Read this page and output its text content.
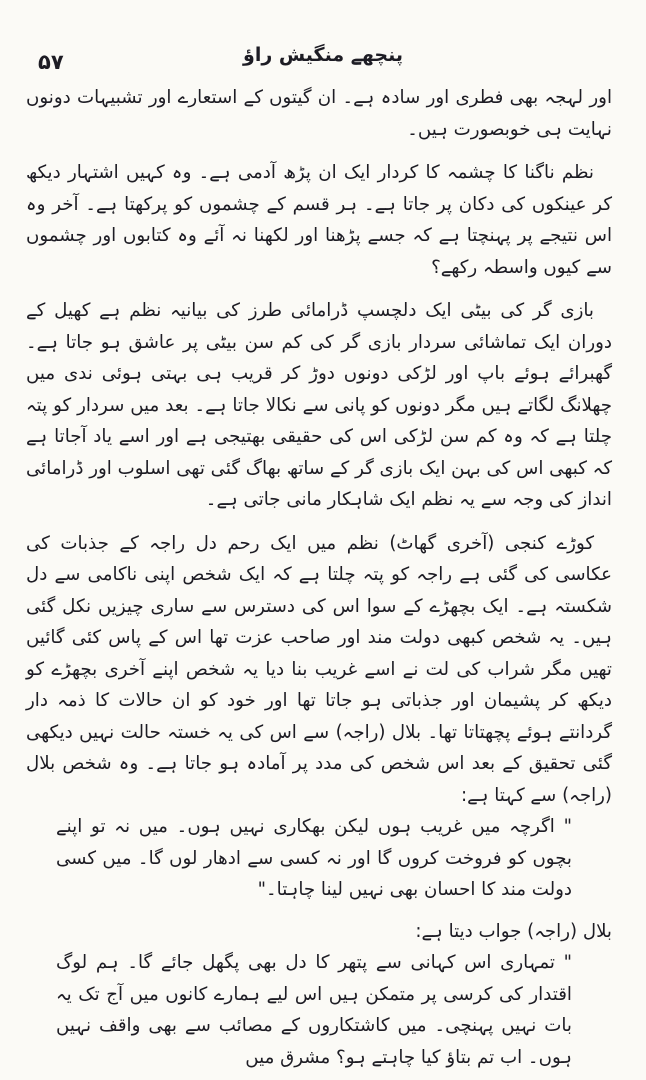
پنچھے منگیش راؤ
۵۷

اور لہجہ بھی فطری اور سادہ ہے۔ ان گیتوں کے استعارے اور تشبیہات دونوں نہایت ہی خوبصورت ہیں۔

نظم ناگنا کا چشمہ کا کردار ایک ان پڑھ آدمی ہے۔ وہ کہیں اشتہار دیکھ کر عینکوں کی دکان پر جاتا ہے۔ ہر قسم کے چشموں کو پرکھتا ہے۔ آخر وہ اس نتیجے پر پہنچتا ہے کہ جسے پڑھنا اور لکھنا نہ آئے وہ کتابوں اور چشموں سے کیوں واسطہ رکھے؟

بازی گر کی بیٹی ایک دلچسپ ڈرامائی طرز کی بیانیہ نظم ہے کھیل کے دوران ایک تماشائی سردار بازی گر کی کم سن بیٹی پر عاشق ہو جاتا ہے۔ گھبرائے ہوئے باپ اور لڑکی دونوں دوڑ کر قریب ہی بہتی ہوئی ندی میں چھلانگ لگاتے ہیں مگر دونوں کو پانی سے نکالا جاتا ہے۔ بعد میں سردار کو پتہ چلتا ہے کہ وہ کم سن لڑکی اس کی حقیقی بھتیجی ہے اور اسے یاد آجاتا ہے کہ کبھی اس کی بہن ایک بازی گر کے ساتھ بھاگ گئی تھی اسلوب اور ڈرامائی انداز کی وجہ سے یہ نظم ایک شاہکار مانی جاتی ہے۔

کوڑے کنجی (آخری گھاٹ) نظم میں ایک رحم دل راجہ کے جذبات کی عکاسی کی گئی ہے راجہ کو پتہ چلتا ہے کہ ایک شخص اپنی ناکامی سے دل شکستہ ہے۔ ایک بچھڑے کے سوا اس کی دسترس سے ساری چیزیں نکل گئی ہیں۔ یہ شخص کبھی دولت مند اور صاحب عزت تھا اس کے پاس کئی گائیں تھیں مگر شراب کی لت نے اسے غریب بنا دیا یہ شخص اپنے آخری بچھڑے کو دیکھ کر پشیمان اور جذباتی ہو جاتا تھا اور خود کو ان حالات کا ذمہ دار گردانتے ہوئے پچھتاتا تھا۔ بلال (راجہ) سے اس کی یہ خستہ حالت نہیں دیکھی گئی تحقیق کے بعد اس شخص کی مدد پر آمادہ ہو جاتا ہے۔ وہ شخص بلال (راجہ) سے کہتا ہے:

" اگرچہ میں غریب ہوں لیکن بھکاری نہیں ہوں۔ میں نہ تو اپنے بچوں کو فروخت کروں گا اور نہ کسی سے ادھار لوں گا۔ میں کسی دولت مند کا احسان بھی نہیں لینا چاہتا۔"

بلال (راجہ) جواب دیتا ہے:

" تمہاری اس کہانی سے پتھر کا دل بھی پگھل جائے گا۔ ہم لوگ اقتدار کی کرسی پر متمکن ہیں اس لیے ہمارے کانوں میں آج تک یہ بات نہیں پہنچی۔ میں کاشتکاروں کے مصائب سے بھی واقف نہیں ہوں۔ اب تم بتاؤ کیا چاہتے ہو؟ مشرق میں
